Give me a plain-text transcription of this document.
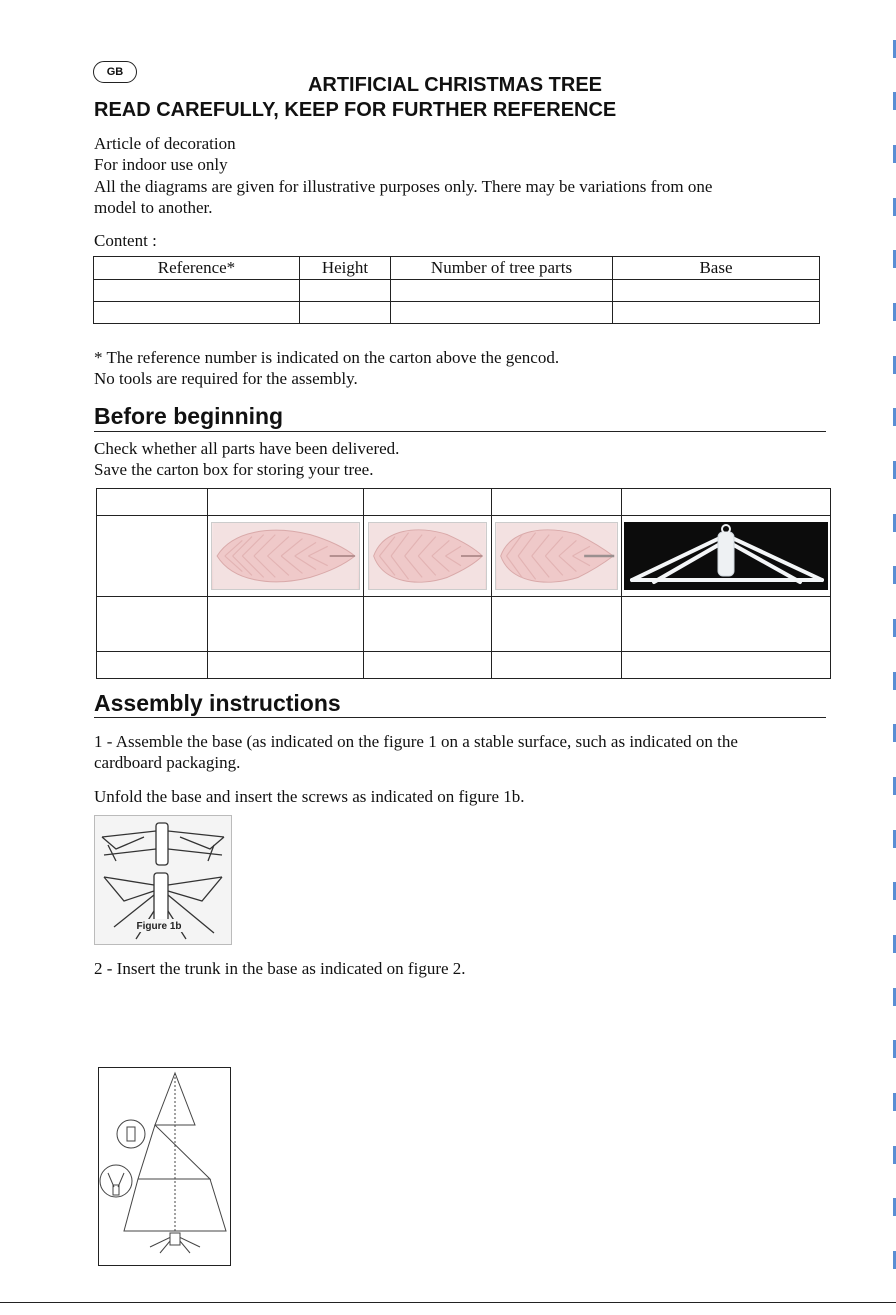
GB
ARTIFICIAL CHRISTMAS TREE
READ CAREFULLY, KEEP FOR FURTHER REFERENCE
Article of decoration
For indoor use only
All the diagrams are given for illustrative purposes only. There may be variations from one
model to another.
Content :
Reference*	Height	Number of tree parts	Base

* The reference number is indicated on the carton above the gencod.
No tools are required for the assembly.
Before beginning
Check whether all parts have been delivered.
Save the carton box for storing your tree.

Assembly instructions
1 - Assemble the base (as indicated on the figure 1 on a stable surface, such as indicated on the
cardboard packaging.
Unfold the base and insert the screws as indicated on figure 1b.
Figure 1b
2 - Insert the trunk in the base as indicated on figure 2.
